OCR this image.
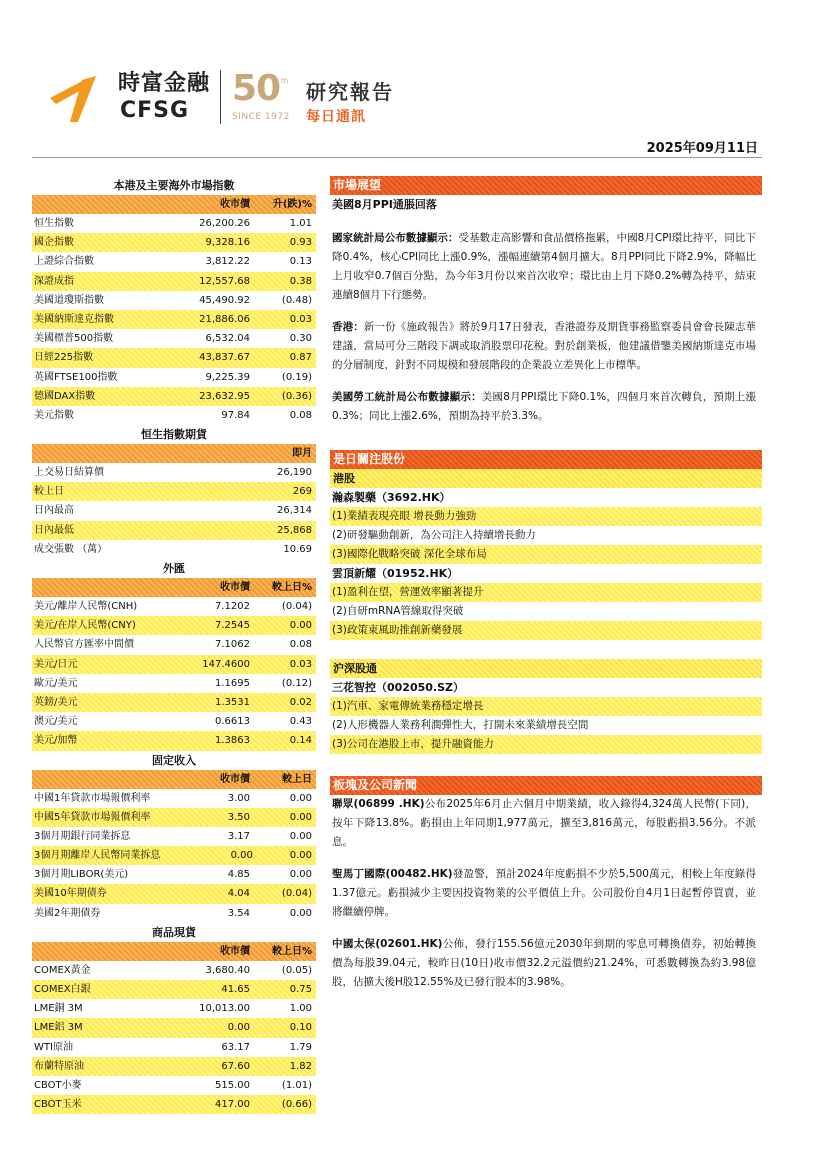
時富金融
CFSG
50 th
SINCE 1972
研究報告
每日通訊
2025年09月11日
本港及主要海外市場指數
收市價	升(跌)%
恒生指數	26,200.26	1.01
國企指數	9,328.16	0.93
上證綜合指數	3,812.22	0.13
深證成指	12,557.68	0.38
美國道瓊斯指數	45,490.92	(0.48)
美國納斯達克指數	21,886.06	0.03
美國標普500指數	6,532.04	0.30
日經225指數	43,837.67	0.87
英國FTSE100指數	9,225.39	(0.19)
德國DAX指數	23,632.95	(0.36)
美元指數	97.84	0.08
恒生指數期貨
即月
上交易日結算價	26,190
較上日	269
日內最高	26,314
日內最低	25,868
成交張數 （萬）	10.69
外匯
收市價	較上日%
美元/離岸人民幣(CNH)	7.1202	(0.04)
美元/在岸人民幣(CNY)	7.2545	0.00
人民幣官方匯率中間價	7.1062	0.08
美元/日元	147.4600	0.03
歐元/美元	1.1695	(0.12)
英鎊/美元	1.3531	0.02
澳元/美元	0.6613	0.43
美元/加幣	1.3863	0.14
固定收入
收市價	較上日
中國1年貸款市場報價利率	3.00	0.00
中國5年貸款市場報價利率	3.50	0.00
3個月期銀行同業拆息	3.17	0.00
3個月期離岸人民幣同業拆息	0.00	0.00
3個月期LIBOR(美元)	4.85	0.00
美國10年期債券	4.04	(0.04)
美國2年期債券	3.54	0.00
商品現貨
收市價	較上日%
COMEX黃金	3,680.40	(0.05)
COMEX白銀	41.65	0.75
LME銅 3M	10,013.00	1.00
LME鋁 3M	0.00	0.10
WTI原油	63.17	1.79
布蘭特原油	67.60	1.82
CBOT小麥	515.00	(1.01)
CBOT玉米	417.00	(0.66)
市場展望
美國8月PPI通脹回落

國家統計局公布數據顯示：受基數走高影響和食品價格拖累，中國8月CPI環比持平，同比下降0.4%，核心CPI同比上漲0.9%，漲幅連續第4個月擴大。8月PPI同比下降2.9%，降幅比上月收窄0.7個百分點，為今年3月份以來首次收窄；環比由上月下降0.2%轉為持平，結束連續8個月下行態勢。

香港：新一份《施政報告》將於9月17日發表，香港證券及期貨事務監察委員會會長陳志華建議，當局可分三階段下調或取消股票印花稅。對於創業板，他建議借鑒美國納斯達克市場的分層制度，針對不同規模和發展階段的企業設立差異化上市標準。

美國勞工統計局公布數據顯示：美國8月PPI環比下降0.1%，四個月來首次轉負，預期上漲0.3%；同比上漲2.6%，預期為持平於3.3%。

是日關注股份
港股
瀚森製藥（3692.HK）
(1)業績表現亮眼 增長動力強勁
(2)研發驅動創新，為公司注入持續增長動力
(3)國際化戰略突破 深化全球布局
雲頂新耀（01952.HK）
(1)盈利在望，營運效率顯著提升
(2)自研mRNA管線取得突破
(3)政策東風助推創新藥發展
沪深股通
三花智控（002050.SZ）
(1)汽車、家電傳統業務穩定增長
(2)人形機器人業務利潤彈性大，打開未來業績增長空間
(3)公司在港股上市，提升融資能力
板塊及公司新聞

聯眾(06899 .HK)公布2025年6月止六個月中期業績，收入錄得4,324萬人民幣(下同)，按年下降13.8%。虧損由上年同期1,977萬元，擴至3,816萬元，每股虧損3.56分。不派息。

聖馬丁國際(00482.HK)發盈警，預計2024年度虧損不少於5,500萬元，相較上年度錄得1.37億元。虧損減少主要因投資物業的公平價值上升。公司股份自4月1日起暫停買賣，並將繼續停牌。

中國太保(02601.HK)公佈，發行155.56億元2030年到期的零息可轉換債券，初始轉換價為每股39.04元，較昨日(10日)收市價32.2元溢價約21.24%，可悉數轉換為約3.98億股，佔擴大後H股12.55%及已發行股本的3.98%。
